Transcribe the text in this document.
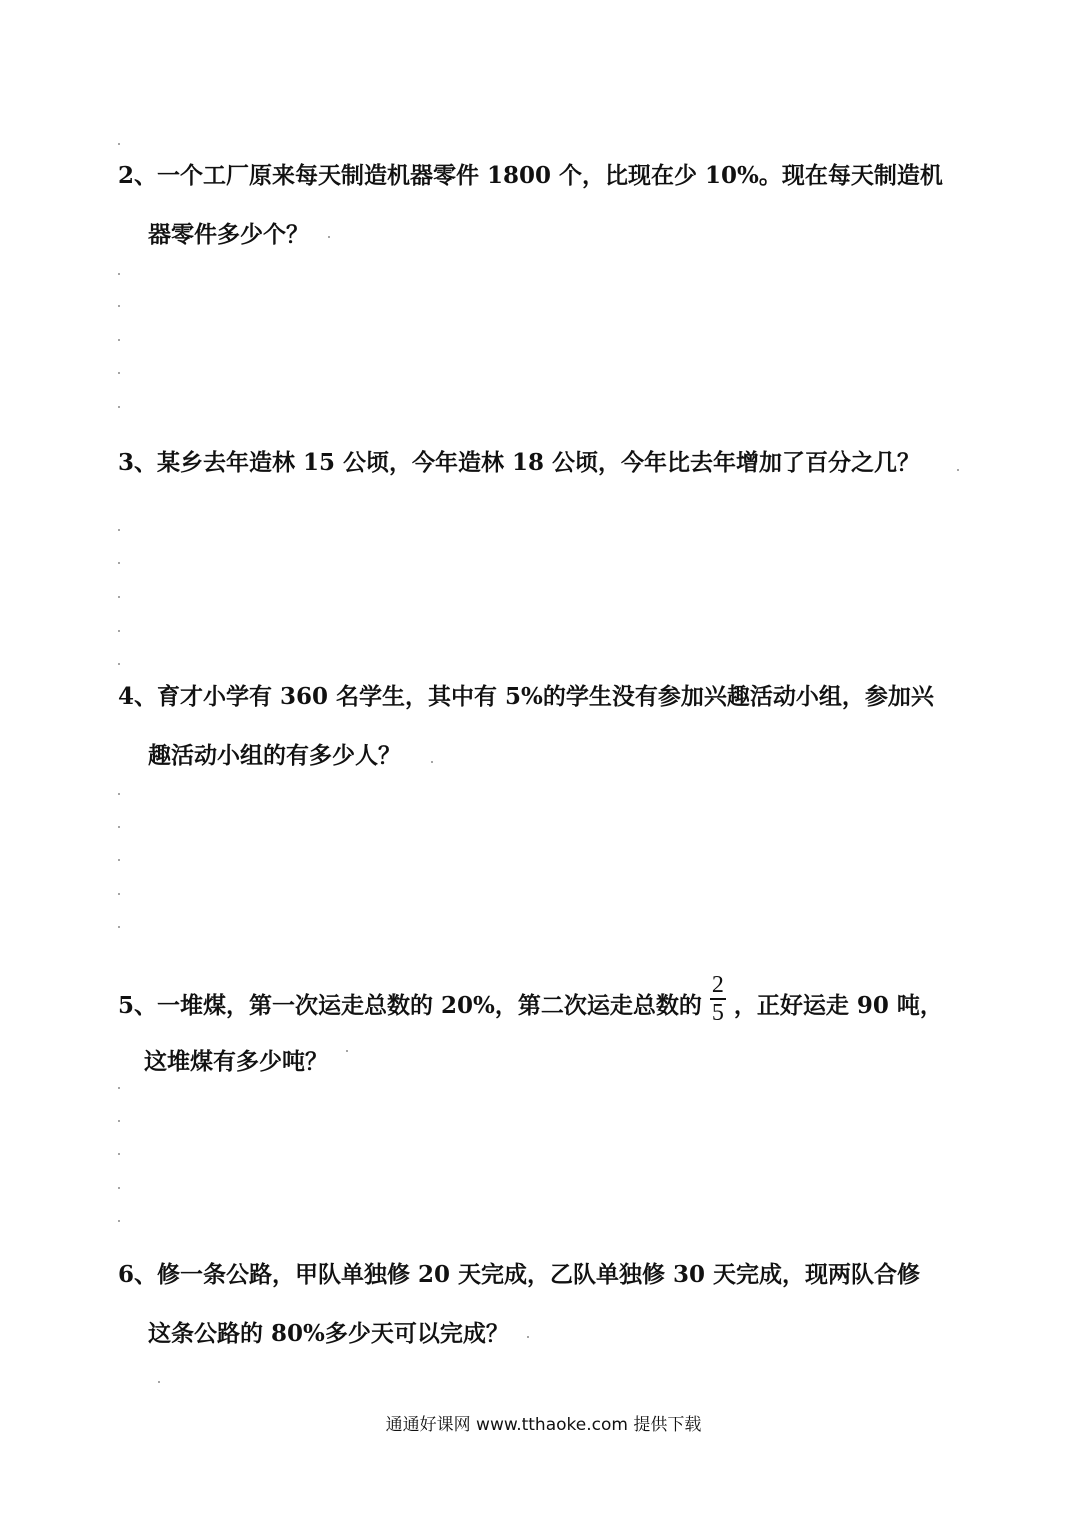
2、一个工厂原来每天制造机器零件 1800 个，比现在少 10%。现在每天制造机
器零件多少个？
3、某乡去年造林 15 公顷，今年造林 18 公顷，今年比去年增加了百分之几？
4、育才小学有 360 名学生，其中有 5%的学生没有参加兴趣活动小组，参加兴
趣活动小组的有多少人？
5、一堆煤，第一次运走总数的 20%，第二次运走总数的 $\frac{2}{5}$ ，正好运走 90 吨，
这堆煤有多少吨？
6、修一条公路，甲队单独修 20 天完成，乙队单独修 30 天完成，现两队合修
这条公路的 80%多少天可以完成？
通通好课网 www.tthaoke.com 提供下载
